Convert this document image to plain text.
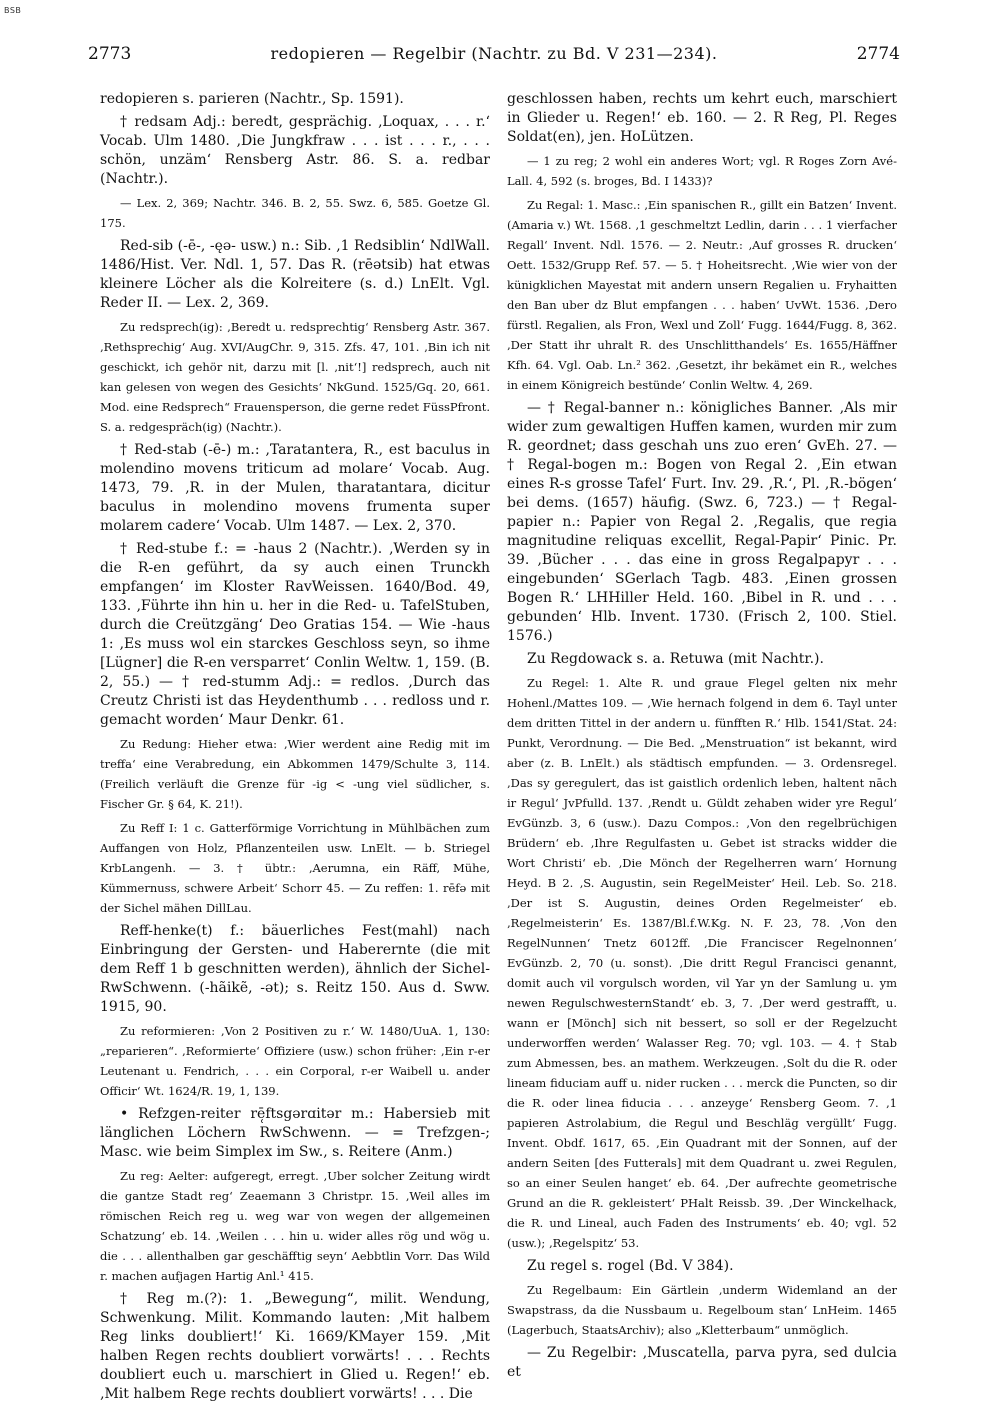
BSB
2773	redopieren — Regelbir (Nachtr. zu Bd. V 231—234).	2774

redopieren s. parieren (Nachtr., Sp. 1591).

† redsam Adj.: beredt, gesprächig. ‚Loquax, . . . r.‘ Vocab. Ulm 1480. ‚Die Jungkfraw . . . ist . . . r., . . . schön, unzäm‘ Rensberg Astr. 86. S. a. redbar (Nachtr.).

— Lex. 2, 369; Nachtr. 346. B. 2, 55. Swz. 6, 585. Goetze Gl. 175.

Red-sib (-ē-, -ęə- usw.) n.: Sib. ‚1 Redsiblin‘ NdlWall. 1486/Hist. Ver. Ndl. 1, 57. Das R. (rēətsib) hat etwas kleinere Löcher als die Kolreitere (s. d.) LnElt. Vgl. Reder II. — Lex. 2, 369.

Zu redsprech(ig): ‚Beredt u. redsprechtig‘ Rensberg Astr. 367. ‚Rethsprechig‘ Aug. XVI/AugChr. 9, 315. Zfs. 47, 101. ‚Bin ich nit geschickt, ich gehör nit, darzu mit [l. ‚nit‘!] redsprech, auch nit kan gelesen von wegen des Gesichts‘ NkGund. 1525/Gq. 20, 661. Mod. eine Redsprech“ Frauensperson, die gerne redet FüssPfront. S. a. redgespräch(ig) (Nachtr.).

† Red-stab (-ē-) m.: ‚Taratantera, R., est baculus in molendino movens triticum ad molare‘ Vocab. Aug. 1473, 79. ‚R. in der Mulen, tharatantara, dicitur baculus in molendino movens frumenta super molarem cadere‘ Vocab. Ulm 1487. — Lex. 2, 370.

† Red-stube f.: = -haus 2 (Nachtr.). ‚Werden sy in die R-en geführt, da sy auch einen Trunckh empfangen‘ im Kloster RavWeissen. 1640/Bod. 49, 133. ‚Führte ihn hin u. her in die Red- u. TafelStuben, durch die Creützgäng‘ Deo Gratias 154. — Wie -haus 1: ‚Es muss wol ein starckes Geschloss seyn, so ihme [Lügner] die R-en versparret‘ Conlin Weltw. 1, 159. (B. 2, 55.) — † red-stumm Adj.: = redlos. ‚Durch das Creutz Christi ist das Heydenthumb . . . redloss und r. gemacht worden‘ Maur Denkr. 61.

Zu Redung: Hieher etwa: ‚Wier werdent aine Redig mit im treffa‘ eine Verabredung, ein Abkommen 1479/Schulte 3, 114. (Freilich verläuft die Grenze für -ig < -ung viel südlicher, s. Fischer Gr. § 64, K. 21!).

Zu Reff I: 1 c. Gatterförmige Vorrichtung in Mühlbächen zum Auffangen von Holz, Pflanzenteilen usw. LnElt. — b. Striegel KrbLangenh. — 3. † übtr.: ‚Aerumna, ein Räff, Mühe, Kümmernuss, schwere Arbeit‘ Schorr 45. — Zu reffen: 1. rēfə mit der Sichel mähen DillLau.

Reff-henke(t) f.: bäuerliches Fest(mahl) nach Einbringung der Gersten- und Haberernte (die mit dem Reff 1 b geschnitten werden), ähnlich der Sichel-RwSchwenn. (-hãikẽ, -ət); s. Reitz 150. Aus d. Sww. 1915, 90.

Zu reformieren: ‚Von 2 Positiven zu r.‘ W. 1480/UuA. 1, 130: „reparieren“. ‚Reformierte‘ Offiziere (usw.) schon früher: ‚Ein r-er Leutenant u. Fendrich, . . . ein Corporal, r-er Waibell u. ander Officir‘ Wt. 1624/R. 19, 1, 139.

• Refzgen-reiter rē̜ftsgərɑitər m.: Habersieb mit länglichen Löchern RwSchwenn. — = Trefzgen-; Masc. wie beim Simplex im Sw., s. Reitere (Anm.)

Zu reg: Aelter: aufgeregt, erregt. ‚Uber solcher Zeitung wirdt die gantze Stadt reg‘ Zeaemann 3 Christpr. 15. ‚Weil alles im römischen Reich reg u. weg war von wegen der allgemeinen Schatzung‘ eb. 14. ‚Weilen . . . hin u. wider alles rög und wög u. die . . . allenthalben gar geschäfftig seyn‘ Aebbtlin Vorr. Das Wild r. machen aufjagen Hartig Anl.¹ 415.

† Reg m.(?): 1. „Bewegung“, milit. Wendung, Schwenkung. Milit. Kommando lauten: ‚Mit halbem Reg links doubliert!‘ Ki. 1669/KMayer 159. ‚Mit halben Regen rechts doubliert vorwärts! . . . Rechts doubliert euch u. marschiert in Glied u. Regen!‘ eb. ‚Mit halbem Rege rechts doubliert vorwärts! . . . Die

geschlossen haben, rechts um kehrt euch, marschiert in Glieder u. Regen!‘ eb. 160. — 2. R Reg, Pl. Reges Soldat(en), jen. HoLützen.

— 1 zu reg; 2 wohl ein anderes Wort; vgl. R Roges Zorn Avé-Lall. 4, 592 (s. broges, Bd. I 1433)?

Zu Regal: 1. Masc.: ‚Ein spanischen R., gillt ein Batzen‘ Invent. (Amaria v.) Wt. 1568. ‚1 geschmeltzt Ledlin, darin . . . 1 vierfacher Regall‘ Invent. Ndl. 1576. — 2. Neutr.: ‚Auf grosses R. drucken‘ Oett. 1532/Grupp Ref. 57. — 5. † Hoheitsrecht. ‚Wie wier von der künigklichen Mayestat mit andern unsern Regalien u. Fryhaitten den Ban uber dz Blut empfangen . . . haben‘ UvWt. 1536. ‚Dero fürstl. Regalien, als Fron, Wexl und Zoll‘ Fugg. 1644/Fugg. 8, 362. ‚Der Statt ihr uhralt R. des Unschlitthandels‘ Es. 1655/Häffner Kfh. 64. Vgl. Oab. Ln.² 362. ‚Gesetzt, ihr bekämet ein R., welches in einem Königreich bestünde‘ Conlin Weltw. 4, 269.

— † Regal-banner n.: königliches Banner. ‚Als mir wider zum gewaltigen Huffen kamen, wurden mir zum R. geordnet; dass geschah uns zuo eren‘ GvEh. 27. — † Regal-bogen m.: Bogen von Regal 2. ‚Ein etwan eines R-s grosse Tafel‘ Furt. Inv. 29. ‚R.‘, Pl. ‚R.-bögen‘ bei dems. (1657) häufig. (Swz. 6, 723.) — † Regal-papier n.: Papier von Regal 2. ‚Regalis, que regia magnitudine reliquas excellit, Regal-Papir‘ Pinic. Pr. 39. ‚Bücher . . . das eine in gross Regalpapyr . . . eingebunden‘ SGerlach Tagb. 483. ‚Einen grossen Bogen R.‘ LHHiller Held. 160. ‚Bibel in R. und . . . gebunden‘ Hlb. Invent. 1730. (Frisch 2, 100. Stiel. 1576.)

Zu Regdowack s. a. Retuwa (mit Nachtr.).

Zu Regel: 1. Alte R. und graue Flegel gelten nix mehr Hohenl./Mattes 109. — ‚Wie hernach folgend in dem 6. Tayl unter dem dritten Tittel in der andern u. fünfften R.‘ Hlb. 1541/Stat. 24: Punkt, Verordnung. — Die Bed. „Menstruation“ ist bekannt, wird aber (z. B. LnElt.) als städtisch empfunden. — 3. Ordensregel. ‚Das sy geregulert, das ist gaistlich ordenlich leben, haltent nāch ir Regul‘ JvPfulld. 137. ‚Rendt u. Güldt zehaben wider yre Regul‘ EvGünzb. 3, 6 (usw.). Dazu Compos.: ‚Von den regelbrüchigen Brüdern‘ eb. ‚Ihre Regulfasten u. Gebet ist stracks widder die Wort Christi‘ eb. ‚Die Mönch der Regelherren warn‘ Hornung Heyd. B 2. ‚S. Augustin, sein RegelMeister‘ Heil. Leb. So. 218. ‚Der ist S. Augustin, deines Orden Regelmeister‘ eb. ‚Regelmeisterin‘ Es. 1387/Bl.f.W.Kg. N. F. 23, 78. ‚Von den RegelNunnen‘ Tnetz 6012ff. ‚Die Franciscer Regelnonnen‘ EvGünzb. 2, 70 (u. sonst). ‚Die dritt Regul Francisci genannt, domit auch vil vorgulsch worden, vil Yar yn der Samlung u. ym newen RegulschwesternStandt‘ eb. 3, 7. ‚Der werd gestrafft, u. wann er [Mönch] sich nit bessert, so soll er der Regelzucht underworffen werden‘ Walasser Reg. 70; vgl. 103. — 4. † Stab zum Abmessen, bes. an mathem. Werkzeugen. ‚Solt du die R. oder lineam fiduciam auff u. nider rucken . . . merck die Puncten, so dir die R. oder linea fiducia . . . anzeyge‘ Rensberg Geom. 7. ‚1 papieren Astrolabium, die Regul und Beschläg vergüllt‘ Fugg. Invent. Obdf. 1617, 65. ‚Ein Quadrant mit der Sonnen, auf der andern Seiten [des Futterals] mit dem Quadrant u. zwei Regulen, so an einer Seulen hanget‘ eb. 64. ‚Der aufrechte geometrische Grund an die R. gekleistert‘ PHalt Reissb. 39. ‚Der Winckelhack, die R. und Lineal, auch Faden des Instruments‘ eb. 40; vgl. 52 (usw.); ‚Regelspitz‘ 53.

Zu regel s. rogel (Bd. V 384).

Zu Regelbaum: Ein Gärtlein ‚underm Widemland an der Swapstrass, da die Nussbaum u. Regelboum stan‘ LnHeim. 1465 (Lagerbuch, StaatsArchiv); also „Kletterbaum“ unmöglich.

— Zu Regelbir: ‚Muscatella, parva pyra, sed dulcia et
